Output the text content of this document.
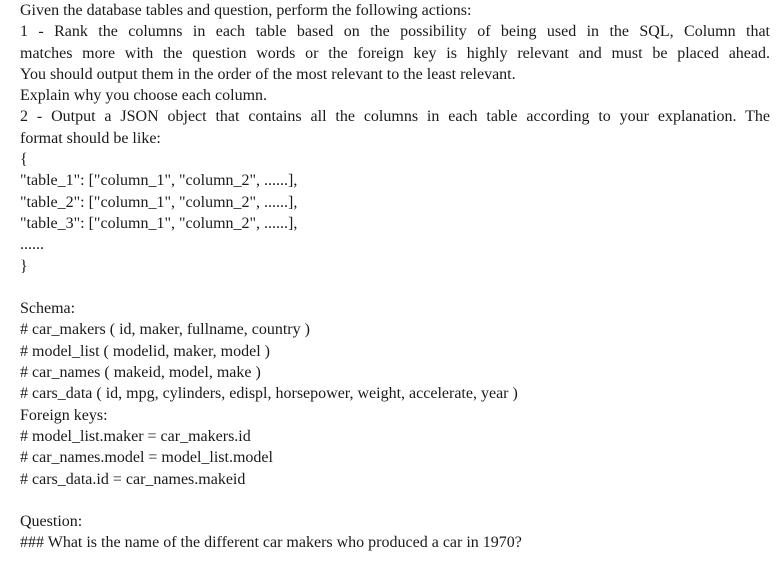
Given the database tables and question, perform the following actions:
1 - Rank the columns in each table based on the possibility of being used in the SQL, Column that
matches more with the question words or the foreign key is highly relevant and must be placed ahead.
You should output them in the order of the most relevant to the least relevant.
Explain why you choose each column.
2 - Output a JSON object that contains all the columns in each table according to your explanation. The
format should be like:
{
"table_1": ["column_1", "column_2", ......],
"table_2": ["column_1", "column_2", ......],
"table_3": ["column_1", "column_2", ......],
......
}
Schema:
# car_makers ( id, maker, fullname, country )
# model_list ( modelid, maker, model )
# car_names ( makeid, model, make )
# cars_data ( id, mpg, cylinders, edispl, horsepower, weight, accelerate, year )
Foreign keys:
# model_list.maker = car_makers.id
# car_names.model = model_list.model
# cars_data.id = car_names.makeid
Question:
### What is the name of the different car makers who produced a car in 1970?
